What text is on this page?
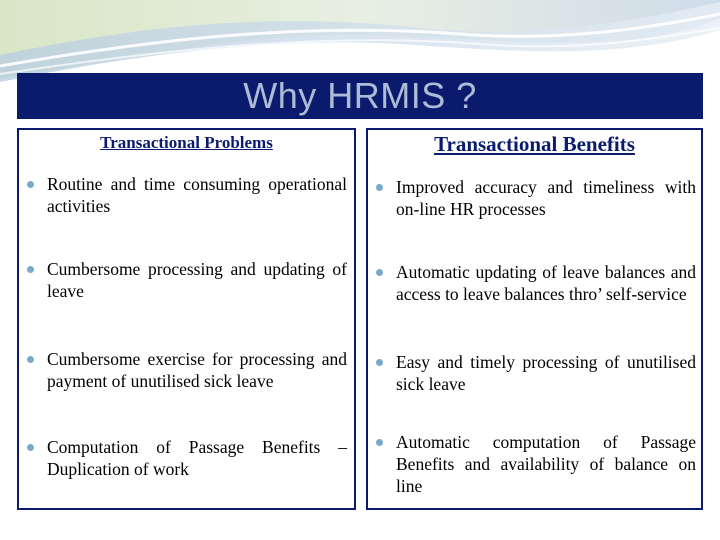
Why HRMIS ?
Transactional Problems
Routine and time consuming operational activities
Cumbersome processing and updating of leave
Cumbersome exercise for processing and payment of unutilised sick leave
Computation of Passage Benefits – Duplication of work
Transactional Benefits
Improved accuracy and timeliness with on-line HR processes
Automatic updating of leave balances and access to leave balances thro’ self-service
Easy and timely processing of unutilised sick leave
Automatic computation of Passage Benefits and availability of balance on line
